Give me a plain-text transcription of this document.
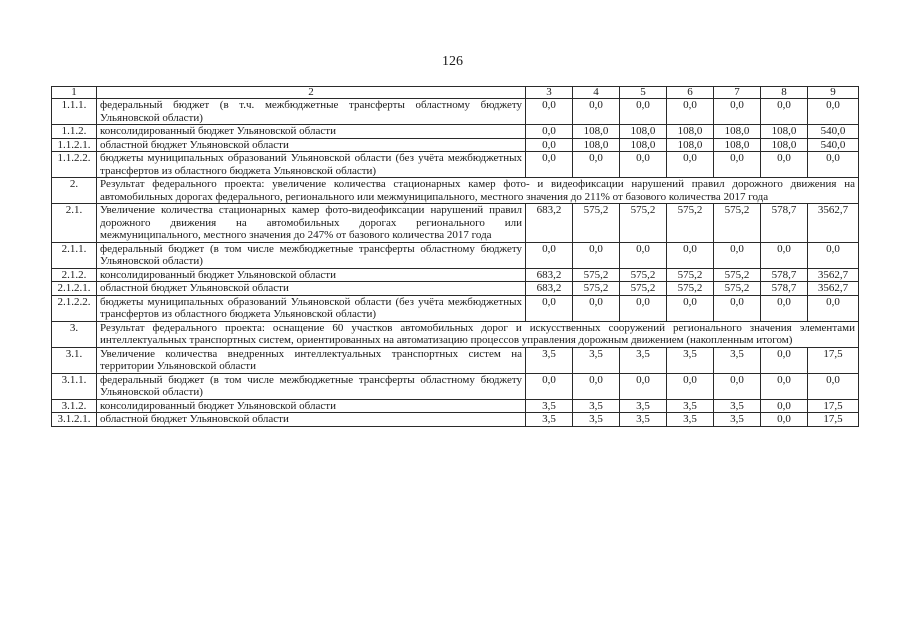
126
1	2	3	4	5	6	7	8	9
1.1.1.	федеральный бюджет (в т.ч. межбюджетные трансферты областному бюджету Ульяновской области)	0,0	0,0	0,0	0,0	0,0	0,0	0,0
1.1.2.	консолидированный бюджет Ульяновской области	0,0	108,0	108,0	108,0	108,0	108,0	540,0
1.1.2.1.	областной бюджет Ульяновской области	0,0	108,0	108,0	108,0	108,0	108,0	540,0
1.1.2.2.	бюджеты муниципальных образований Ульяновской области (без учёта межбюджетных трансфертов из областного бюджета Ульяновской области)	0,0	0,0	0,0	0,0	0,0	0,0	0,0
2.	Результат федерального проекта: увеличение количества стационарных камер фото- и видеофиксации нарушений правил дорожного движения на автомобильных дорогах федерального, регионального или межмуниципального, местного значения до 211% от базового количества 2017 года							
2.1.	Увеличение количества стационарных камер фото-видеофиксации нарушений правил дорожного движения на автомобильных дорогах регионального или межмуниципального, местного значения до 247% от базового количества 2017 года	683,2	575,2	575,2	575,2	575,2	578,7	3562,7
2.1.1.	федеральный бюджет (в том числе межбюджетные трансферты областному бюджету Ульяновской области)	0,0	0,0	0,0	0,0	0,0	0,0	0,0
2.1.2.	консолидированный бюджет Ульяновской области	683,2	575,2	575,2	575,2	575,2	578,7	3562,7
2.1.2.1.	областной бюджет Ульяновской области	683,2	575,2	575,2	575,2	575,2	578,7	3562,7
2.1.2.2.	бюджеты муниципальных образований Ульяновской области (без учёта межбюджетных трансфертов из областного бюджета Ульяновской области)	0,0	0,0	0,0	0,0	0,0	0,0	0,0
3.	Результат федерального проекта: оснащение 60 участков автомобильных дорог и искусственных сооружений регионального значения элементами интеллектуальных транспортных систем, ориентированных на автоматизацию процессов управления дорожным движением (накопленным итогом)							
3.1.	Увеличение количества внедренных интеллектуальных транспортных систем на территории Ульяновской области	3,5	3,5	3,5	3,5	3,5	0,0	17,5
3.1.1.	федеральный бюджет (в том числе межбюджетные трансферты областному бюджету Ульяновской области)	0,0	0,0	0,0	0,0	0,0	0,0	0,0
3.1.2.	консолидированный бюджет Ульяновской области	3,5	3,5	3,5	3,5	3,5	0,0	17,5
3.1.2.1.	областной бюджет Ульяновской области	3,5	3,5	3,5	3,5	3,5	0,0	17,5
